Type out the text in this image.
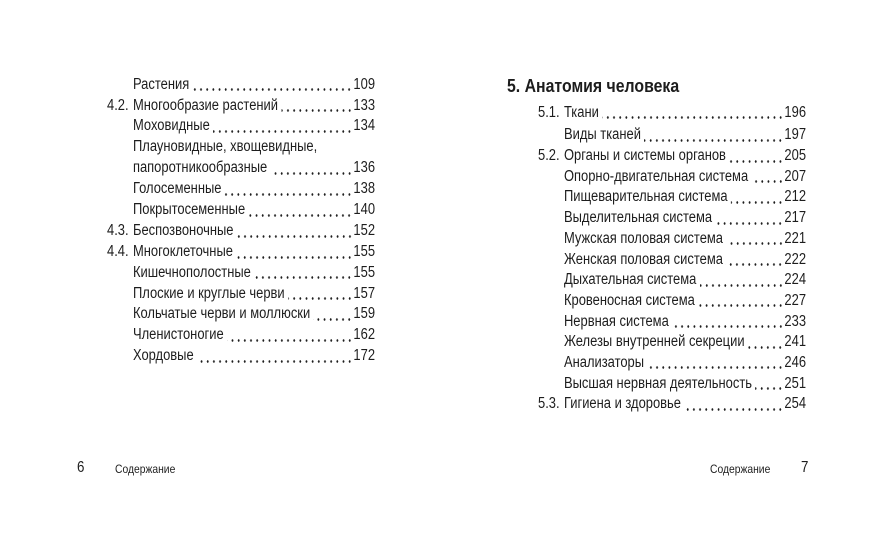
Растения	109
4.2. Многообразие растений	133
Моховидные	134
Плауновидные, хвощевидные,
папоротникообразные	136
Голосеменные	138
Покрытосеменные	140
4.3. Беспозвоночные	152
4.4. Многоклеточные	155
Кишечнополостные	155
Плоские и круглые черви	157
Кольчатые черви и моллюски	159
Членистоногие	162
Хордовые	172
5. Анатомия человека
5.1. Ткани	196
Виды тканей	197
5.2. Органы и системы органов	205
Опорно-двигательная система 207
Пищеварительная система	212
Выделительная система	217
Мужская половая система	221
Женская половая система	222
Дыхательная система	224
Кровеносная система	227
Нервная система	233
Железы внутренней секреции	241
Анализаторы	246
Высшая нервная деятельность 251
5.3. Гигиена и здоровье	254
6	Содержание	Содержание 7
